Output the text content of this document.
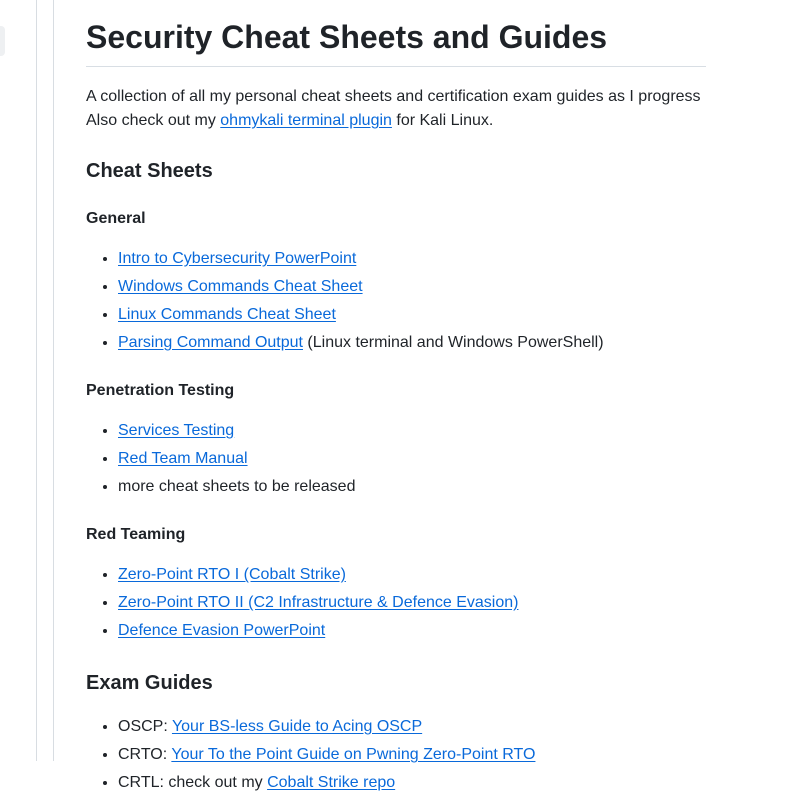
Security Cheat Sheets and Guides

A collection of all my personal cheat sheets and certification exam guides as I progress
Also check out my ohmykali terminal plugin for Kali Linux.

Cheat Sheets
General
• Intro to Cybersecurity PowerPoint
• Windows Commands Cheat Sheet
• Linux Commands Cheat Sheet
• Parsing Command Output (Linux terminal and Windows PowerShell)
Penetration Testing
• Services Testing
• Red Team Manual
• more cheat sheets to be released
Red Teaming
• Zero-Point RTO I (Cobalt Strike)
• Zero-Point RTO II (C2 Infrastructure & Defence Evasion)
• Defence Evasion PowerPoint
Exam Guides
• OSCP: Your BS-less Guide to Acing OSCP
• CRTO: Your To the Point Guide on Pwning Zero-Point RTO
• CRTL: check out my Cobalt Strike repo
